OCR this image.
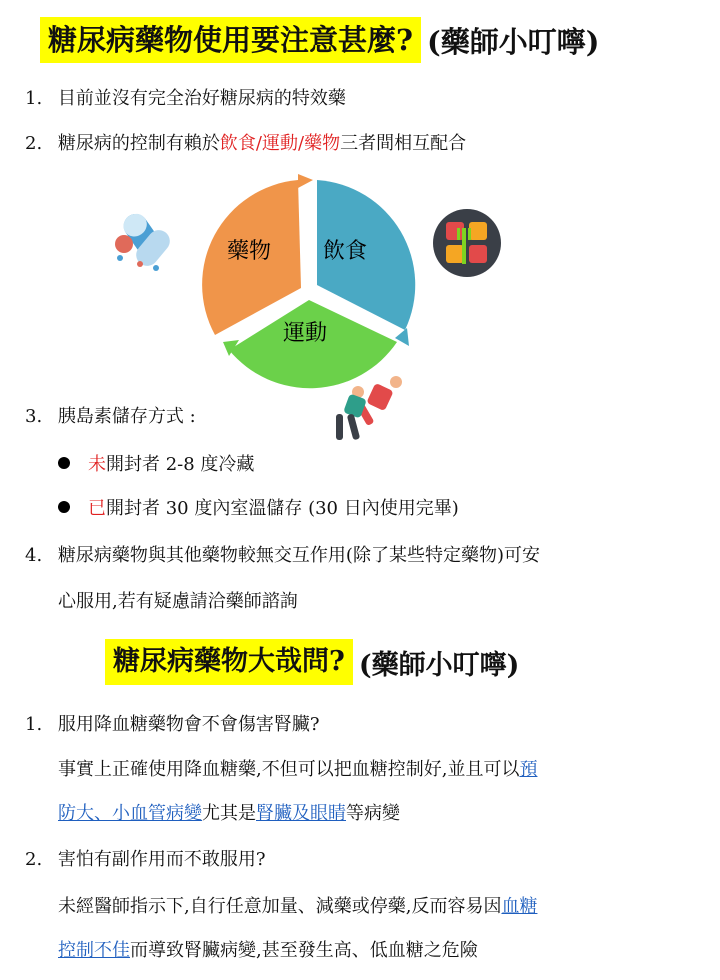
糖尿病藥物使用要注意甚麼? (藥師小叮嚀)
1. 目前並沒有完全治好糖尿病的特效藥
2. 糖尿病的控制有賴於飲食/運動/藥物三者間相互配合
藥物 飲食
運動
3. 胰島素儲存方式 :
未開封者 2-8 度冷藏
已開封者 30 度內室溫儲存 (30 日內使用完畢)
4. 糖尿病藥物與其他藥物較無交互作用(除了某些特定藥物)可安
心服用,若有疑慮請洽藥師諮詢
糖尿病藥物大哉問? (藥師小叮嚀)
1. 服用降血糖藥物會不會傷害腎臟?
事實上正確使用降血糖藥,不但可以把血糖控制好,並且可以預
防大、小血管病變尤其是腎臟及眼睛等病變
2. 害怕有副作用而不敢服用?
未經醫師指示下,自行任意加量、減藥或停藥,反而容易因血糖
控制不佳而導致腎臟病變,甚至發生高、低血糖之危險
